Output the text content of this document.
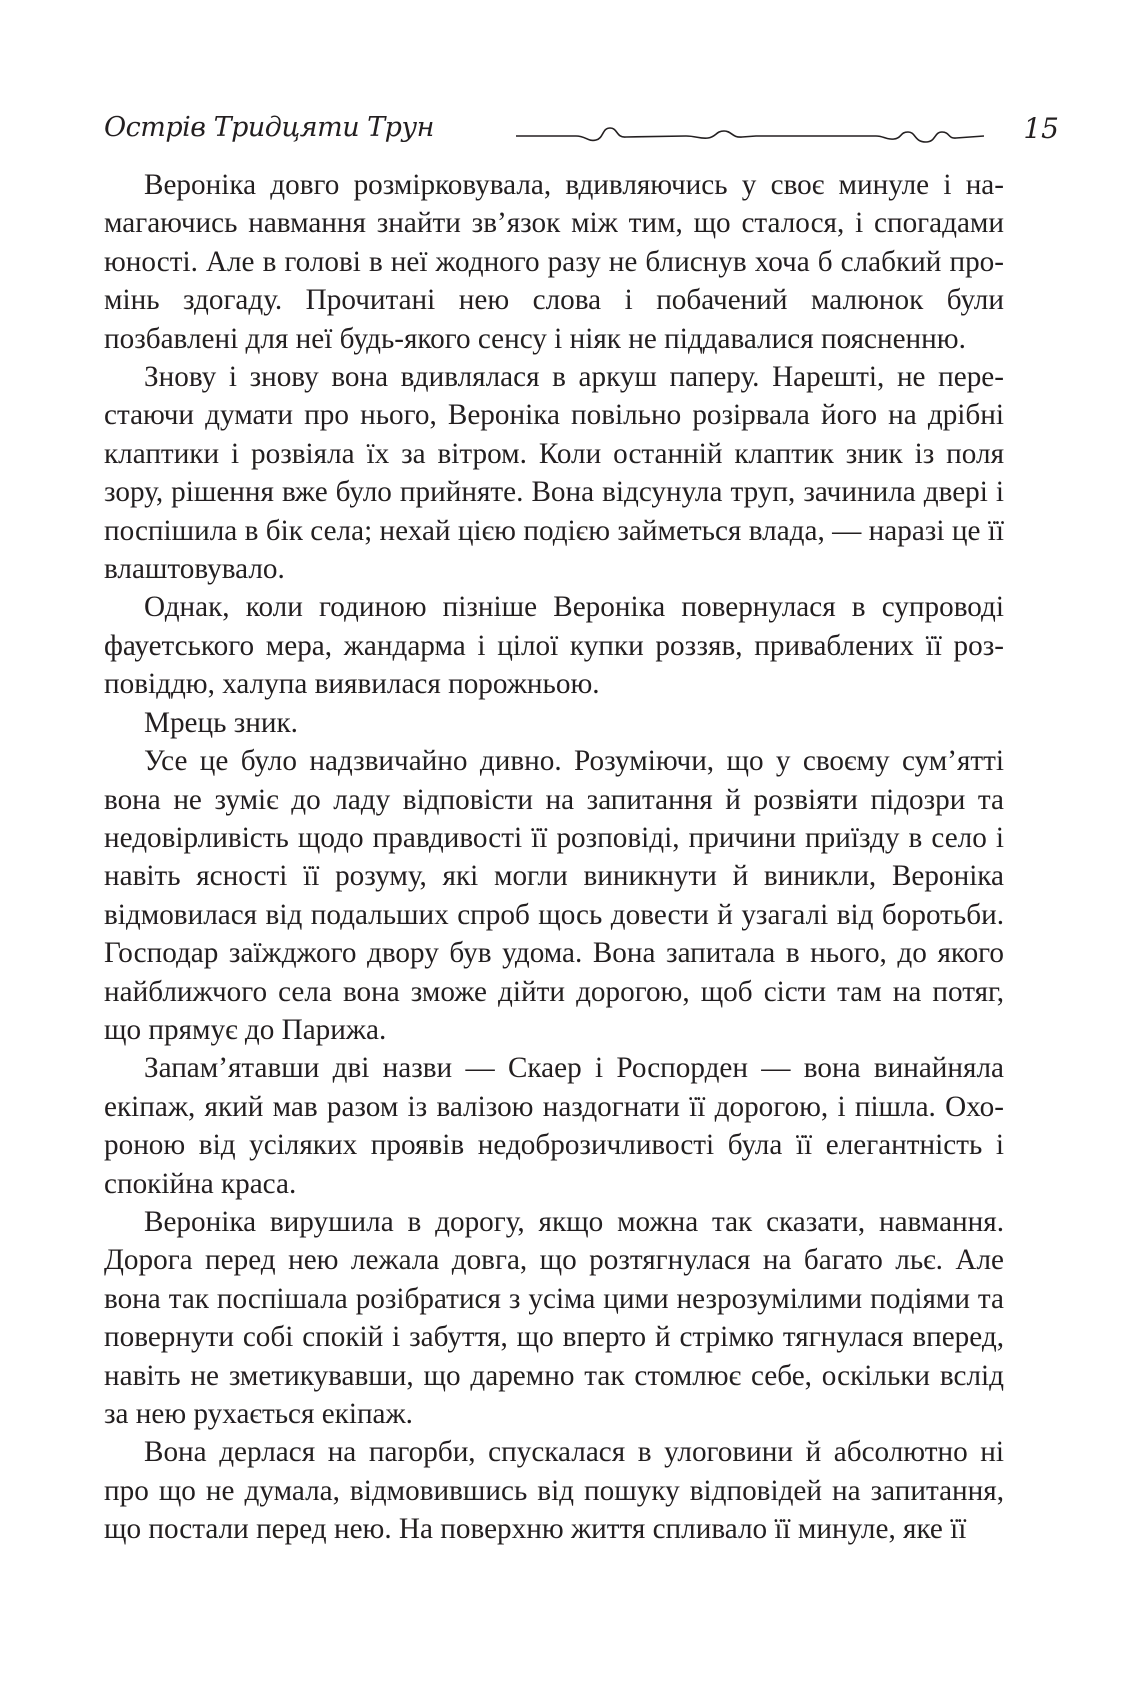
Острів Тридцяти Трун	15

Вероніка довго розмірковувала, вдивляючись у своє минуле і намагаючись навмання знайти зв’язок між тим, що сталося, і спогадами юності. Але в голові в неї жодного разу не блиснув хоча б слабкий промінь здогаду. Прочитані нею слова і побачений малюнок були позбавлені для неї будь-якого сенсу і ніяк не піддавалися поясненню.

Знову і знову вона вдивлялася в аркуш паперу. Нарешті, не перестаючи думати про нього, Вероніка повільно розірвала його на дрібні клаптики і розвіяла їх за вітром. Коли останній клаптик зник із поля зору, рішення вже було прийняте. Вона відсунула труп, зачинила двері і поспішила в бік села; нехай цією подією займеться влада, — наразі це її влаштовувало.

Однак, коли годиною пізніше Вероніка повернулася в супроводі фауетського мера, жандарма і цілої купки роззяв, приваблених її розповіддю, халупа виявилася порожньою.

Мрець зник.

Усе це було надзвичайно дивно. Розуміючи, що у своєму сум’ятті вона не зуміє до ладу відповісти на запитання й розвіяти підозри та недовірливість щодо правдивості її розповіді, причини приїзду в село і навіть ясності її розуму, які могли виникнути й виникли, Вероніка відмовилася від подальших спроб щось довести й узагалі від боротьби. Господар заїжджого двору був удома. Вона запитала в нього, до якого найближчого села вона зможе дійти дорогою, щоб сісти там на потяг, що прямує до Парижа.

Запам’ятавши дві назви — Скаер і Роспорден — вона винайняла екіпаж, який мав разом із валізою наздогнати її дорогою, і пішла. Охороною від усіляких проявів недоброзичливості була її елегантність і спокійна краса.

Вероніка вирушила в дорогу, якщо можна так сказати, навмання. Дорога перед нею лежала довга, що розтягнулася на багато льє. Але вона так поспішала розібратися з усіма цими незрозумілими подіями та повернути собі спокій і забуття, що вперто й стрімко тягнулася вперед, навіть не зметикувавши, що даремно так стомлює себе, оскільки вслід за нею рухається екіпаж.

Вона дерлася на пагорби, спускалася в улоговини й абсолютно ні про що не думала, відмовившись від пошуку відповідей на запитання, що постали перед нею. На поверхню життя спливало її минуле, яке її
